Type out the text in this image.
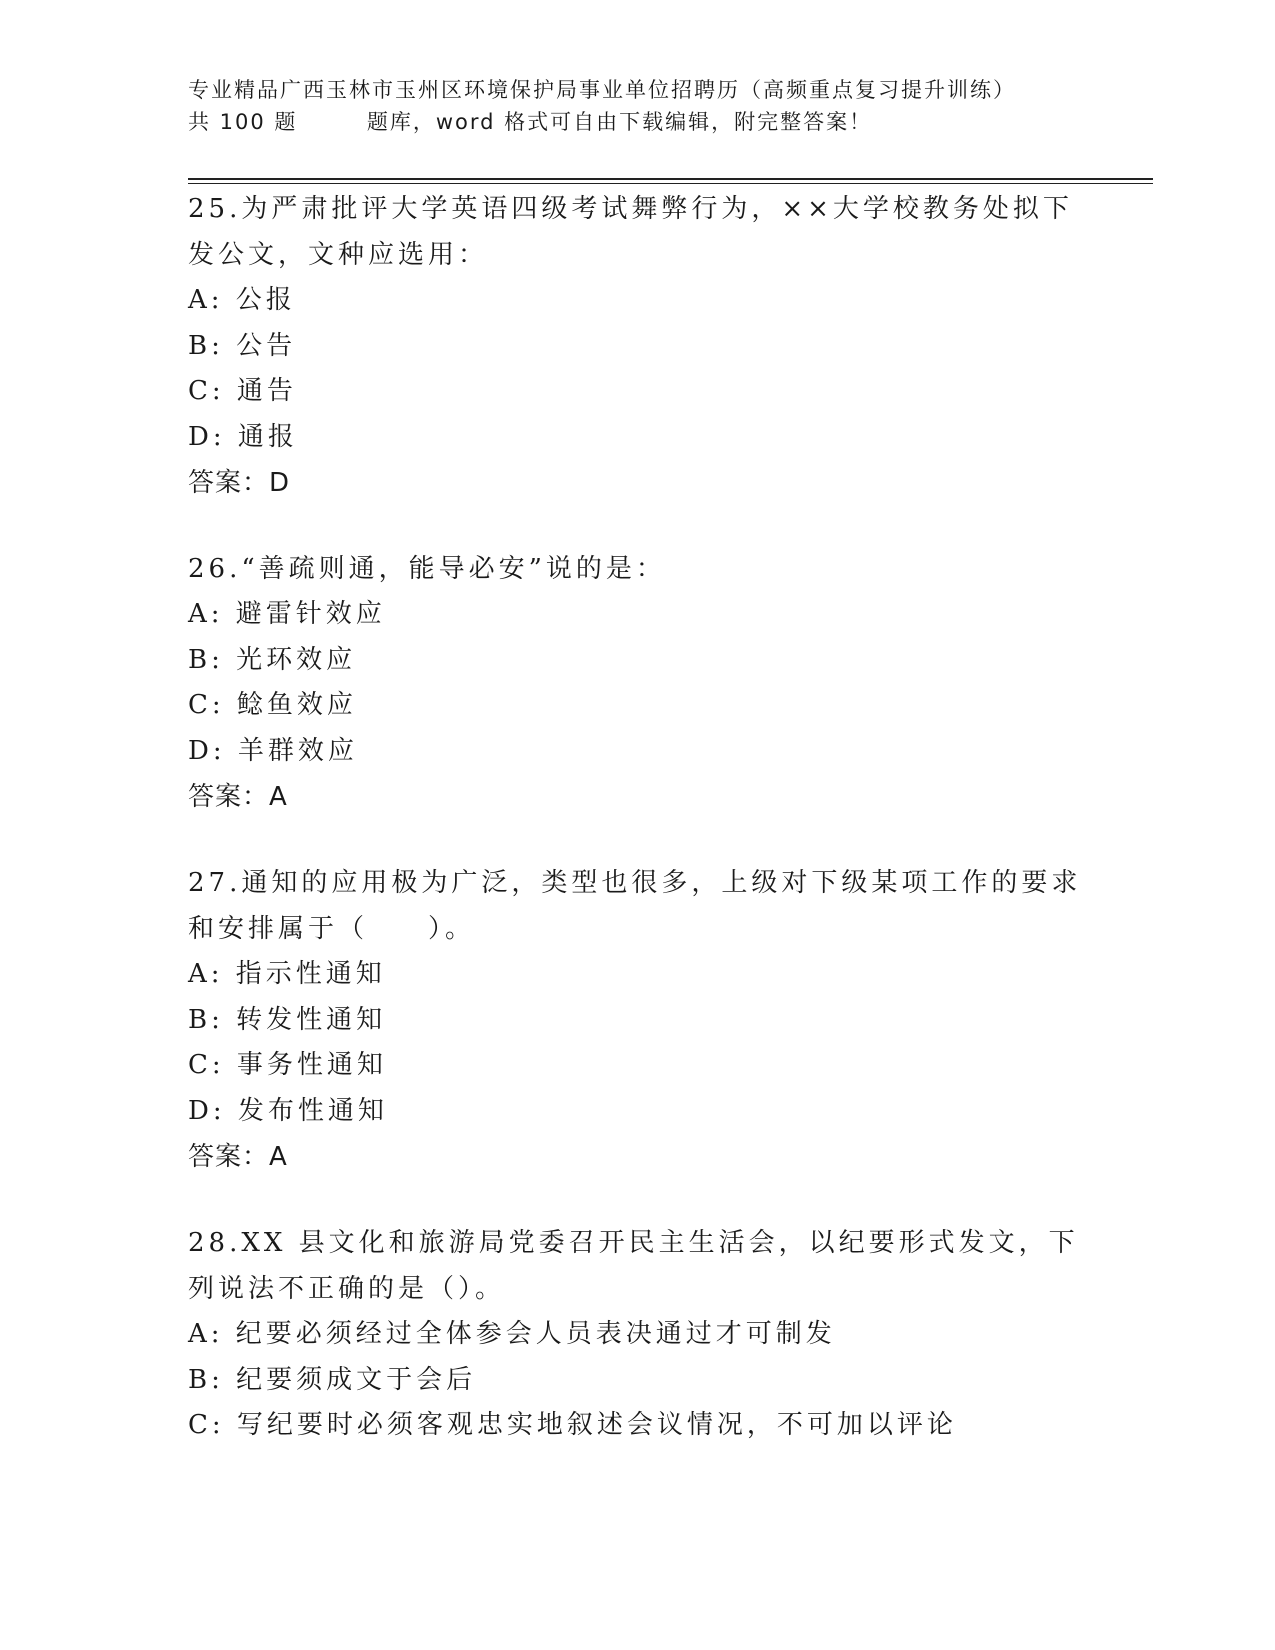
专业精品广西玉林市玉州区环境保护局事业单位招聘历（高频重点复习提升训练）

共 100 题        题库，word 格式可自由下载编辑，附完整答案！
25.为严肃批评大学英语四级考试舞弊行为，××大学校教务处拟下发公文，文种应选用：
A: 公报
B: 公告
C: 通告
D: 通报
答案：D
26.“善疏则通，能导必安”说的是：
A: 避雷针效应
B: 光环效应
C: 鲶鱼效应
D: 羊群效应
答案：A
27.通知的应用极为广泛，类型也很多，上级对下级某项工作的要求和安排属于（　　）。
A: 指示性通知
B: 转发性通知
C: 事务性通知
D: 发布性通知
答案：A
28.XX 县文化和旅游局党委召开民主生活会，以纪要形式发文，下列说法不正确的是（）。
A: 纪要必须经过全体参会人员表决通过才可制发
B: 纪要须成文于会后
C: 写纪要时必须客观忠实地叙述会议情况，不可加以评论
